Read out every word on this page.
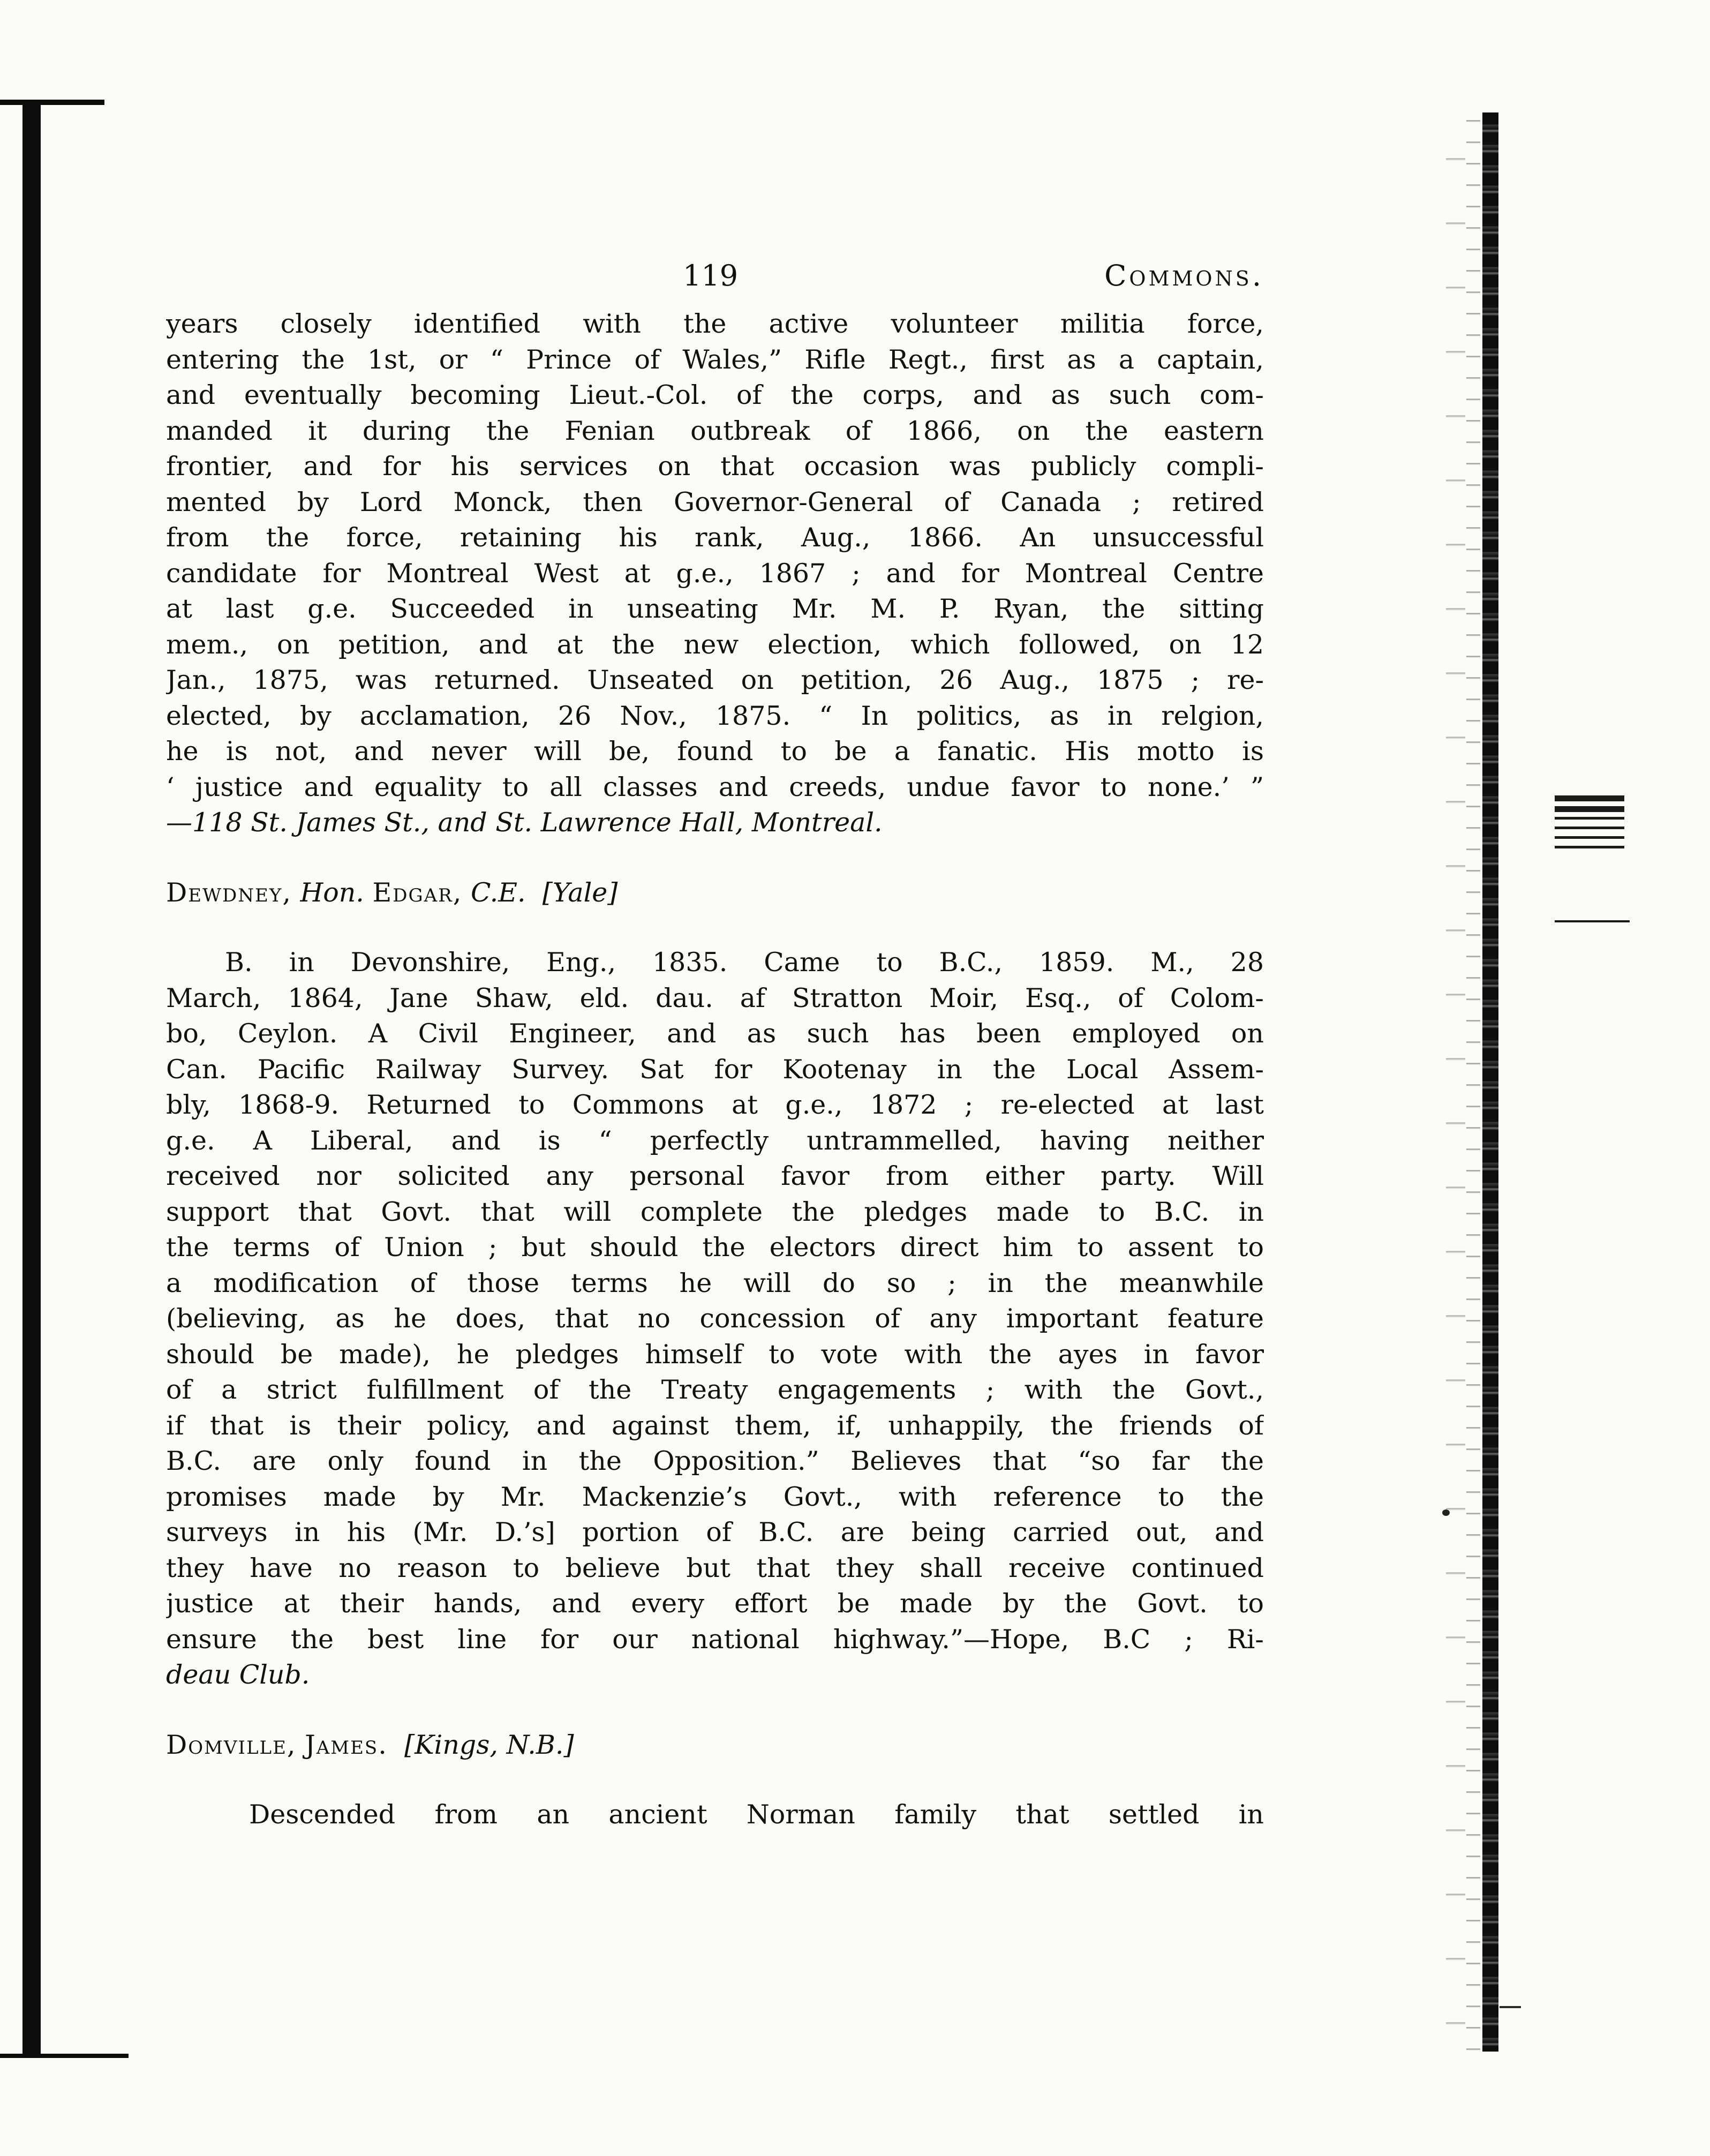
119	Commons.
years closely identified with the active volunteer militia force,
entering the 1st, or “ Prince of Wales,” Rifle Regt., first as a captain,
and eventually becoming Lieut.-Col. of the corps, and as such com-
manded it during the Fenian outbreak of 1866, on the eastern
frontier, and for his services on that occasion was publicly compli-
mented by Lord Monck, then Governor-General of Canada ; retired
from the force, retaining his rank, Aug., 1866. An unsuccessful
candidate for Montreal West at g.e., 1867 ; and for Montreal Centre
at last g.e. Succeeded in unseating Mr. M. P. Ryan, the sitting
mem., on petition, and at the new election, which followed, on 12
Jan., 1875, was returned. Unseated on petition, 26 Aug., 1875 ; re-
elected, by acclamation, 26 Nov., 1875. “ In politics, as in relgion,
he is not, and never will be, found to be a fanatic. His motto is
‘ justice and equality to all classes and creeds, undue favor to none.’ ”
—118 St. James St., and St. Lawrence Hall, Montreal.

Dewdney, Hon. Edgar, C.E. [Yale]

B. in Devonshire, Eng., 1835. Came to B.C., 1859. M., 28
March, 1864, Jane Shaw, eld. dau. af Stratton Moir, Esq., of Colom-
bo, Ceylon. A Civil Engineer, and as such has been employed on
Can. Pacific Railway Survey. Sat for Kootenay in the Local Assem-
bly, 1868-9. Returned to Commons at g.e., 1872 ; re-elected at last
g.e. A Liberal, and is “ perfectly untrammelled, having neither
received nor solicited any personal favor from either party. Will
support that Govt. that will complete the pledges made to B.C. in
the terms of Union ; but should the electors direct him to assent to
a modification of those terms he will do so ; in the meanwhile
(believing, as he does, that no concession of any important feature
should be made), he pledges himself to vote with the ayes in favor
of a strict fulfillment of the Treaty engagements ; with the Govt.,
if that is their policy, and against them, if, unhappily, the friends of
B.C. are only found in the Opposition.” Believes that “so far the
promises made by Mr. Mackenzie’s Govt., with reference to the
surveys in his (Mr. D.’s] portion of B.C. are being carried out, and
they have no reason to believe but that they shall receive continued
justice at their hands, and every effort be made by the Govt. to
ensure the best line for our national highway.”—Hope, B.C ; Ri-
deau Club.

Domville, James. [Kings, N.B.]

Descended from an ancient Norman family that settled in
